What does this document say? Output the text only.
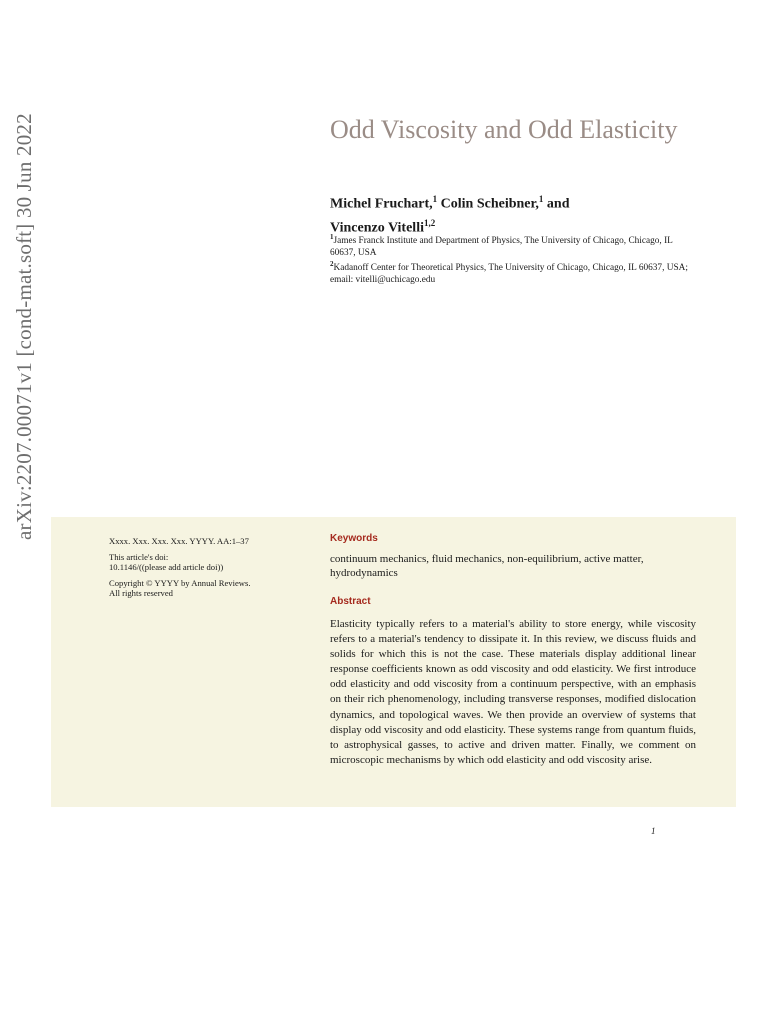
arXiv:2207.00071v1 [cond-mat.soft] 30 Jun 2022	Odd Viscosity and Odd Elasticity
Michel Fruchart,$^1$ Colin Scheibner,$^1$ and
Vincenzo Vitelli$^{1,2}$
$^1$James Franck Institute and Department of Physics, The University of Chicago, Chicago, IL 60637, USA
$^2$Kadanoff Center for Theoretical Physics, The University of Chicago, Chicago, IL 60637, USA; email: vitelli@uchicago.edu

Xxxx. Xxx. Xxx. Xxx. YYYY. AA:1–37

This article's doi:
10.1146/((please add article doi))

Copyright © YYYY by Annual Reviews.
All rights reserved

Keywords
continuum mechanics, fluid mechanics, non-equilibrium, active matter, hydrodynamics
Abstract

Elasticity typically refers to a material's ability to store energy, while viscosity refers to a material's tendency to dissipate it. In this review, we discuss fluids and solids for which this is not the case. These materials display additional linear response coefficients known as odd viscosity and odd elasticity. We first introduce odd elasticity and odd viscosity from a continuum perspective, with an emphasis on their rich phenomenology, including transverse responses, modified dislocation dynamics, and topological waves. We then provide an overview of systems that display odd viscosity and odd elasticity. These systems range from quantum fluids, to astrophysical gasses, to active and driven matter. Finally, we comment on microscopic mechanisms by which odd elasticity and odd viscosity arise.

1
